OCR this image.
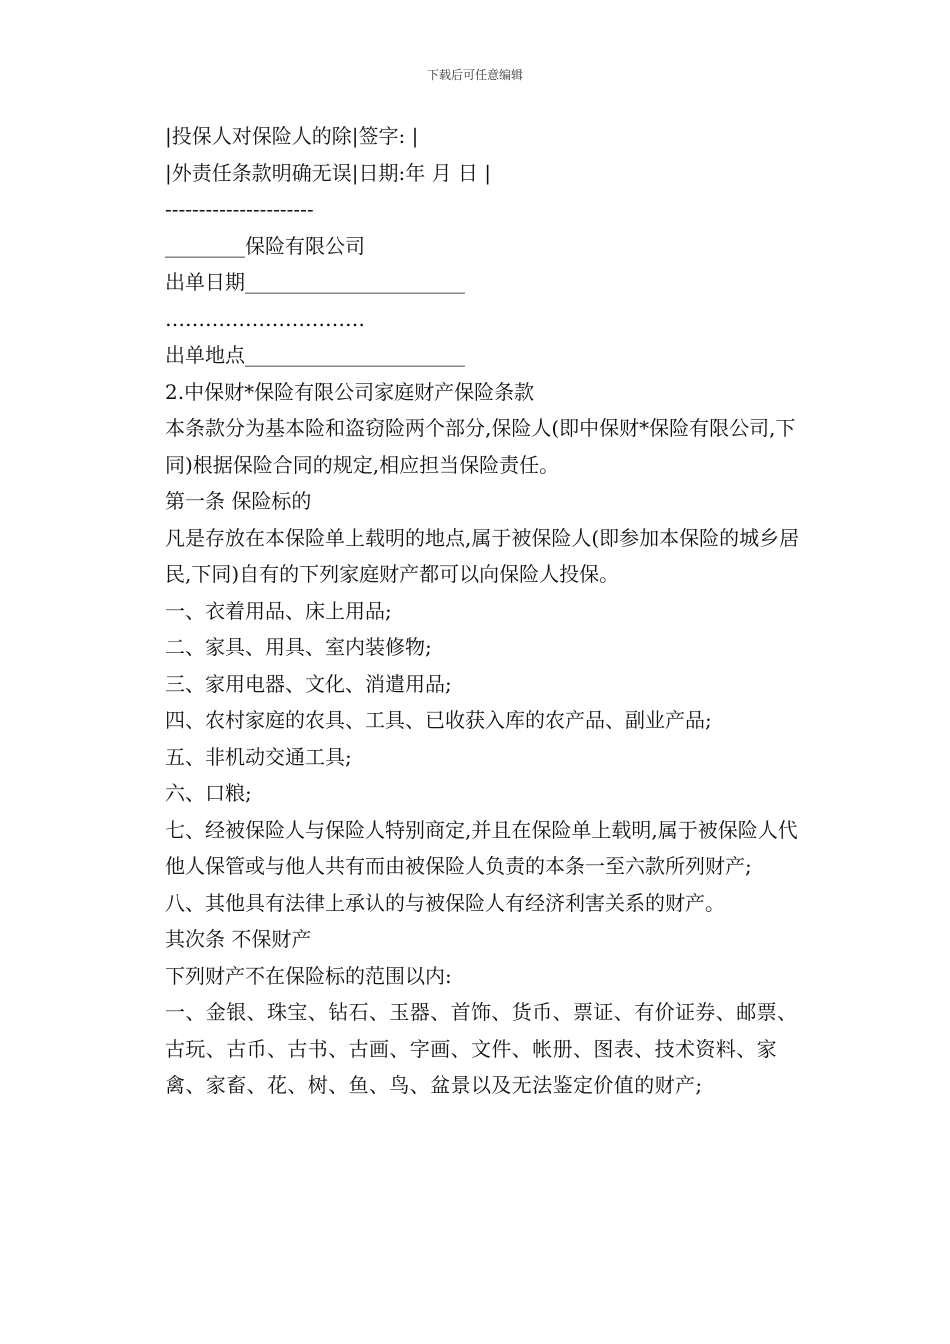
下载后可任意编辑

|投保人对保险人的除|签字: |

|外责任条款明确无误|日期:年 月 日 |

----------------------

________保险有限公司

出单日期______________________

…………………………

出单地点______________________

2.中保财*保险有限公司家庭财产保险条款

本条款分为基本险和盗窃险两个部分,保险人(即中保财*保险有限公司,下同)根据保险合同的规定,相应担当保险责任。

第一条 保险标的

凡是存放在本保险单上载明的地点,属于被保险人(即参加本保险的城乡居民,下同)自有的下列家庭财产都可以向保险人投保。

一、衣着用品、床上用品;

二、家具、用具、室内装修物;

三、家用电器、文化、消遣用品;

四、农村家庭的农具、工具、已收获入库的农产品、副业产品;

五、非机动交通工具;

六、口粮;

七、经被保险人与保险人特别商定,并且在保险单上载明,属于被保险人代他人保管或与他人共有而由被保险人负责的本条一至六款所列财产;

八、其他具有法律上承认的与被保险人有经济利害关系的财产。

其次条 不保财产

下列财产不在保险标的范围以内:

一、金银、珠宝、钻石、玉器、首饰、货币、票证、有价证券、邮票、古玩、古币、古书、古画、字画、文件、帐册、图表、技术资料、家禽、家畜、花、树、鱼、鸟、盆景以及无法鉴定价值的财产;
